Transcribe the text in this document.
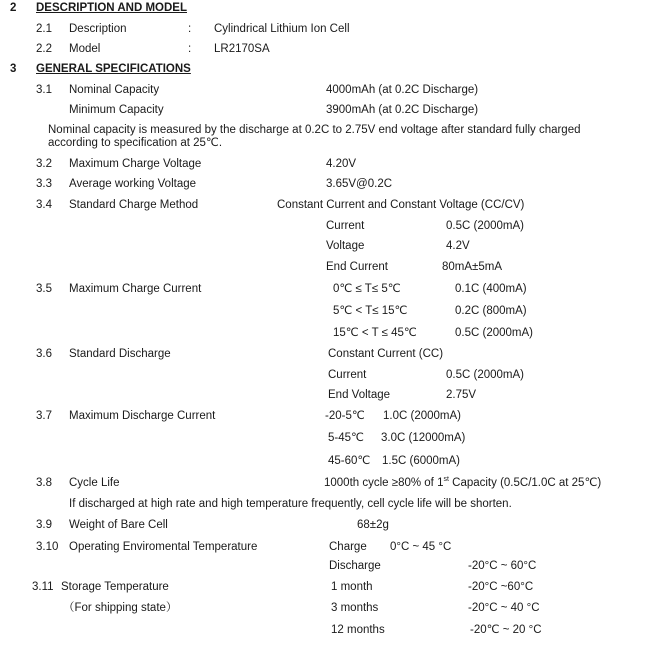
2 DESCRIPTION AND MODEL
2.1 Description	: Cylindrical Lithium Ion Cell
2.2 Model	: LR2170SA
3 GENERAL SPECIFICATIONS
3.1 Nominal Capacity	4000mAh (at 0.2C Discharge)
Minimum Capacity	3900mAh (at 0.2C Discharge)
Nominal capacity is measured by the discharge at 0.2C to 2.75V end voltage after standard fully charged according to specification at 25℃.
3.2 Maximum Charge Voltage	4.20V
3.3 Average working Voltage	3.65V@0.2C
3.4 Standard Charge Method	Constant Current and Constant Voltage (CC/CV)
Current	0.5C (2000mA)
Voltage	4.2V
End Current	80mA±5mA
3.5 Maximum Charge Current	0℃ ≤ T≤ 5℃	0.1C (400mA)
5℃ < T≤ 15℃	0.2C (800mA)
15℃ < T ≤ 45℃	0.5C (2000mA)
3.6 Standard Discharge	Constant Current (CC)
Current	0.5C (2000mA)
End Voltage	2.75V
3.7 Maximum Discharge Current	-20-5℃ 1.0C (2000mA)
5-45℃ 3.0C (12000mA)
45-60℃ 1.5C (6000mA)
3.8 Cycle Life	1000th cycle ≥80% of 1st Capacity (0.5C/1.0C at 25℃)
If discharged at high rate and high temperature frequently, cell cycle life will be shorten.
3.9 Weight of Bare Cell	68±2g
3.10 Operating Enviromental Temperature	Charge 0°C ~ 45 °C
Discharge	-20°C ~ 60°C
3.11 Storage Temperature
（For shipping state）
1 month	-20°C ~60°C
3 months	-20°C ~ 40 °C
12 months	-20℃ ~ 20 °C
